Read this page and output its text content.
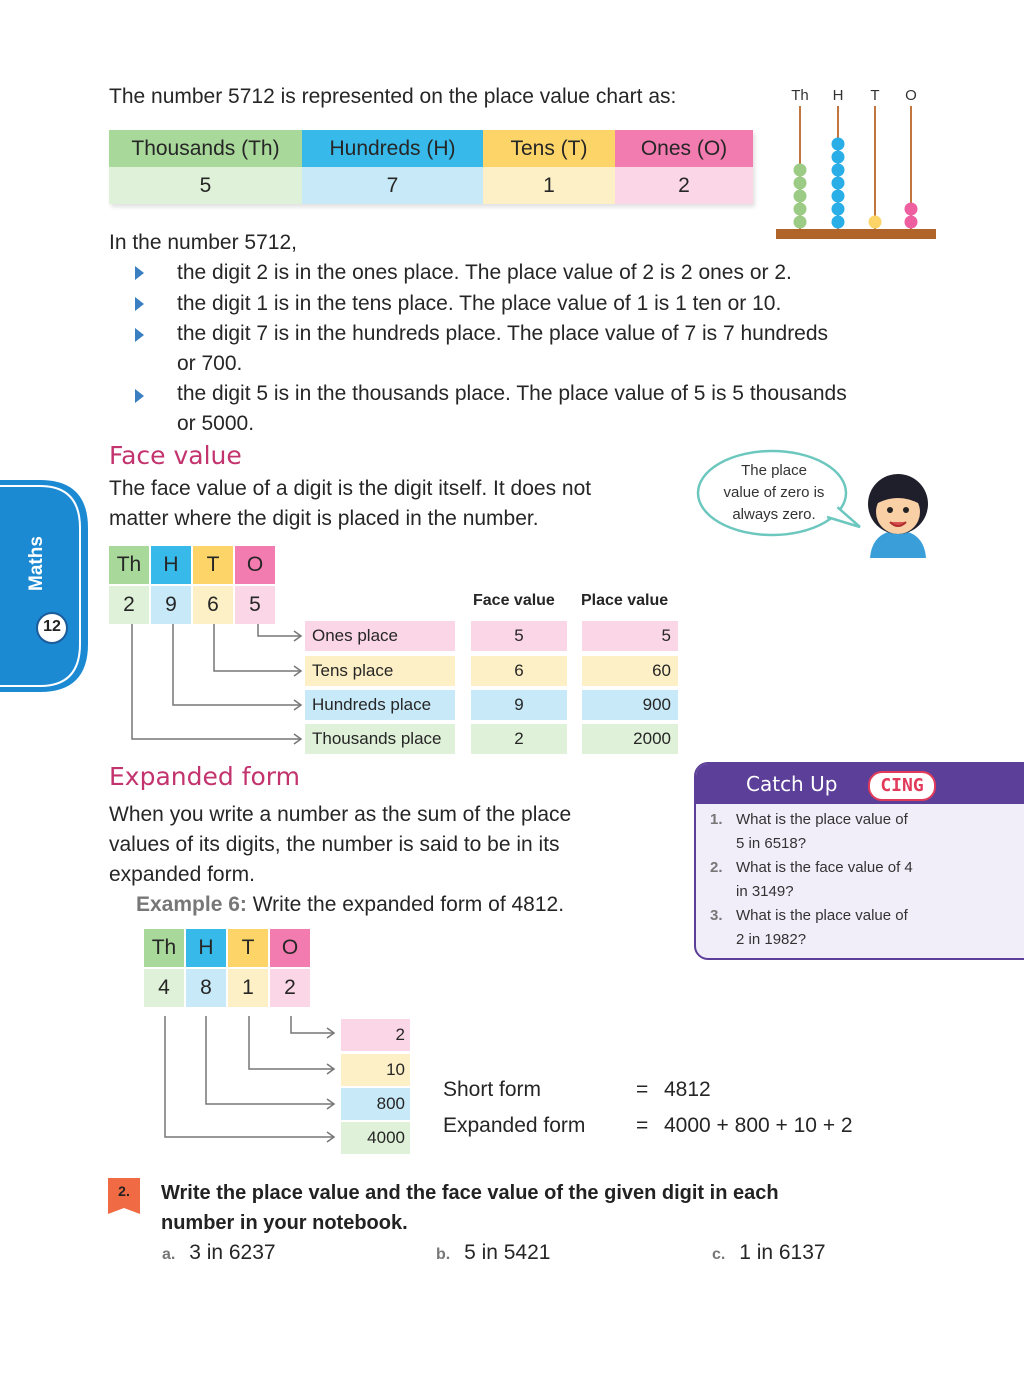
The number 5712 is represented on the place value chart as:
Thousands (Th)	Hundreds (H)	Tens (T)	Ones (O)
5	7	1	2
Th H T O
In the number 5712,
the digit 2 is in the ones place. The place value of 2 is 2 ones or 2.
the digit 1 is in the tens place. The place value of 1 is 1 ten or 10.
the digit 7 is in the hundreds place. The place value of 7 is 7 hundreds
or 700.
the digit 5 is in the thousands place. The place value of 5 is 5 thousands
or 5000.
Face value
The face value of a digit is the digit itself. It does not
matter where the digit is placed in the number.
The place
value of zero is
always zero.
Maths
12
Th	H	T	O
2	9	6	5	Face value Place value
Ones place	5	5
Tens place	6	60
Hundreds place	9	900
Thousands place	2	2000
Expanded form
When you write a number as the sum of the place
values of its digits, the number is said to be in its
expanded form.
Example 6: Write the expanded form of 4812.
Th	H	T	O
4	8	1	2
2
10
800
4000
Short form	= 4812
Expanded form = 4000 + 800 + 10 + 2
Catch Up	CING
1. What is the place value of
5 in 6518?
2. What is the face value of 4
in 3149?
3. What is the place value of
2 in 1982?
2.	Write the place value and the face value of the given digit in each
number in your notebook.
a. 3 in 6237	b. 5 in 5421	c. 1 in 6137
